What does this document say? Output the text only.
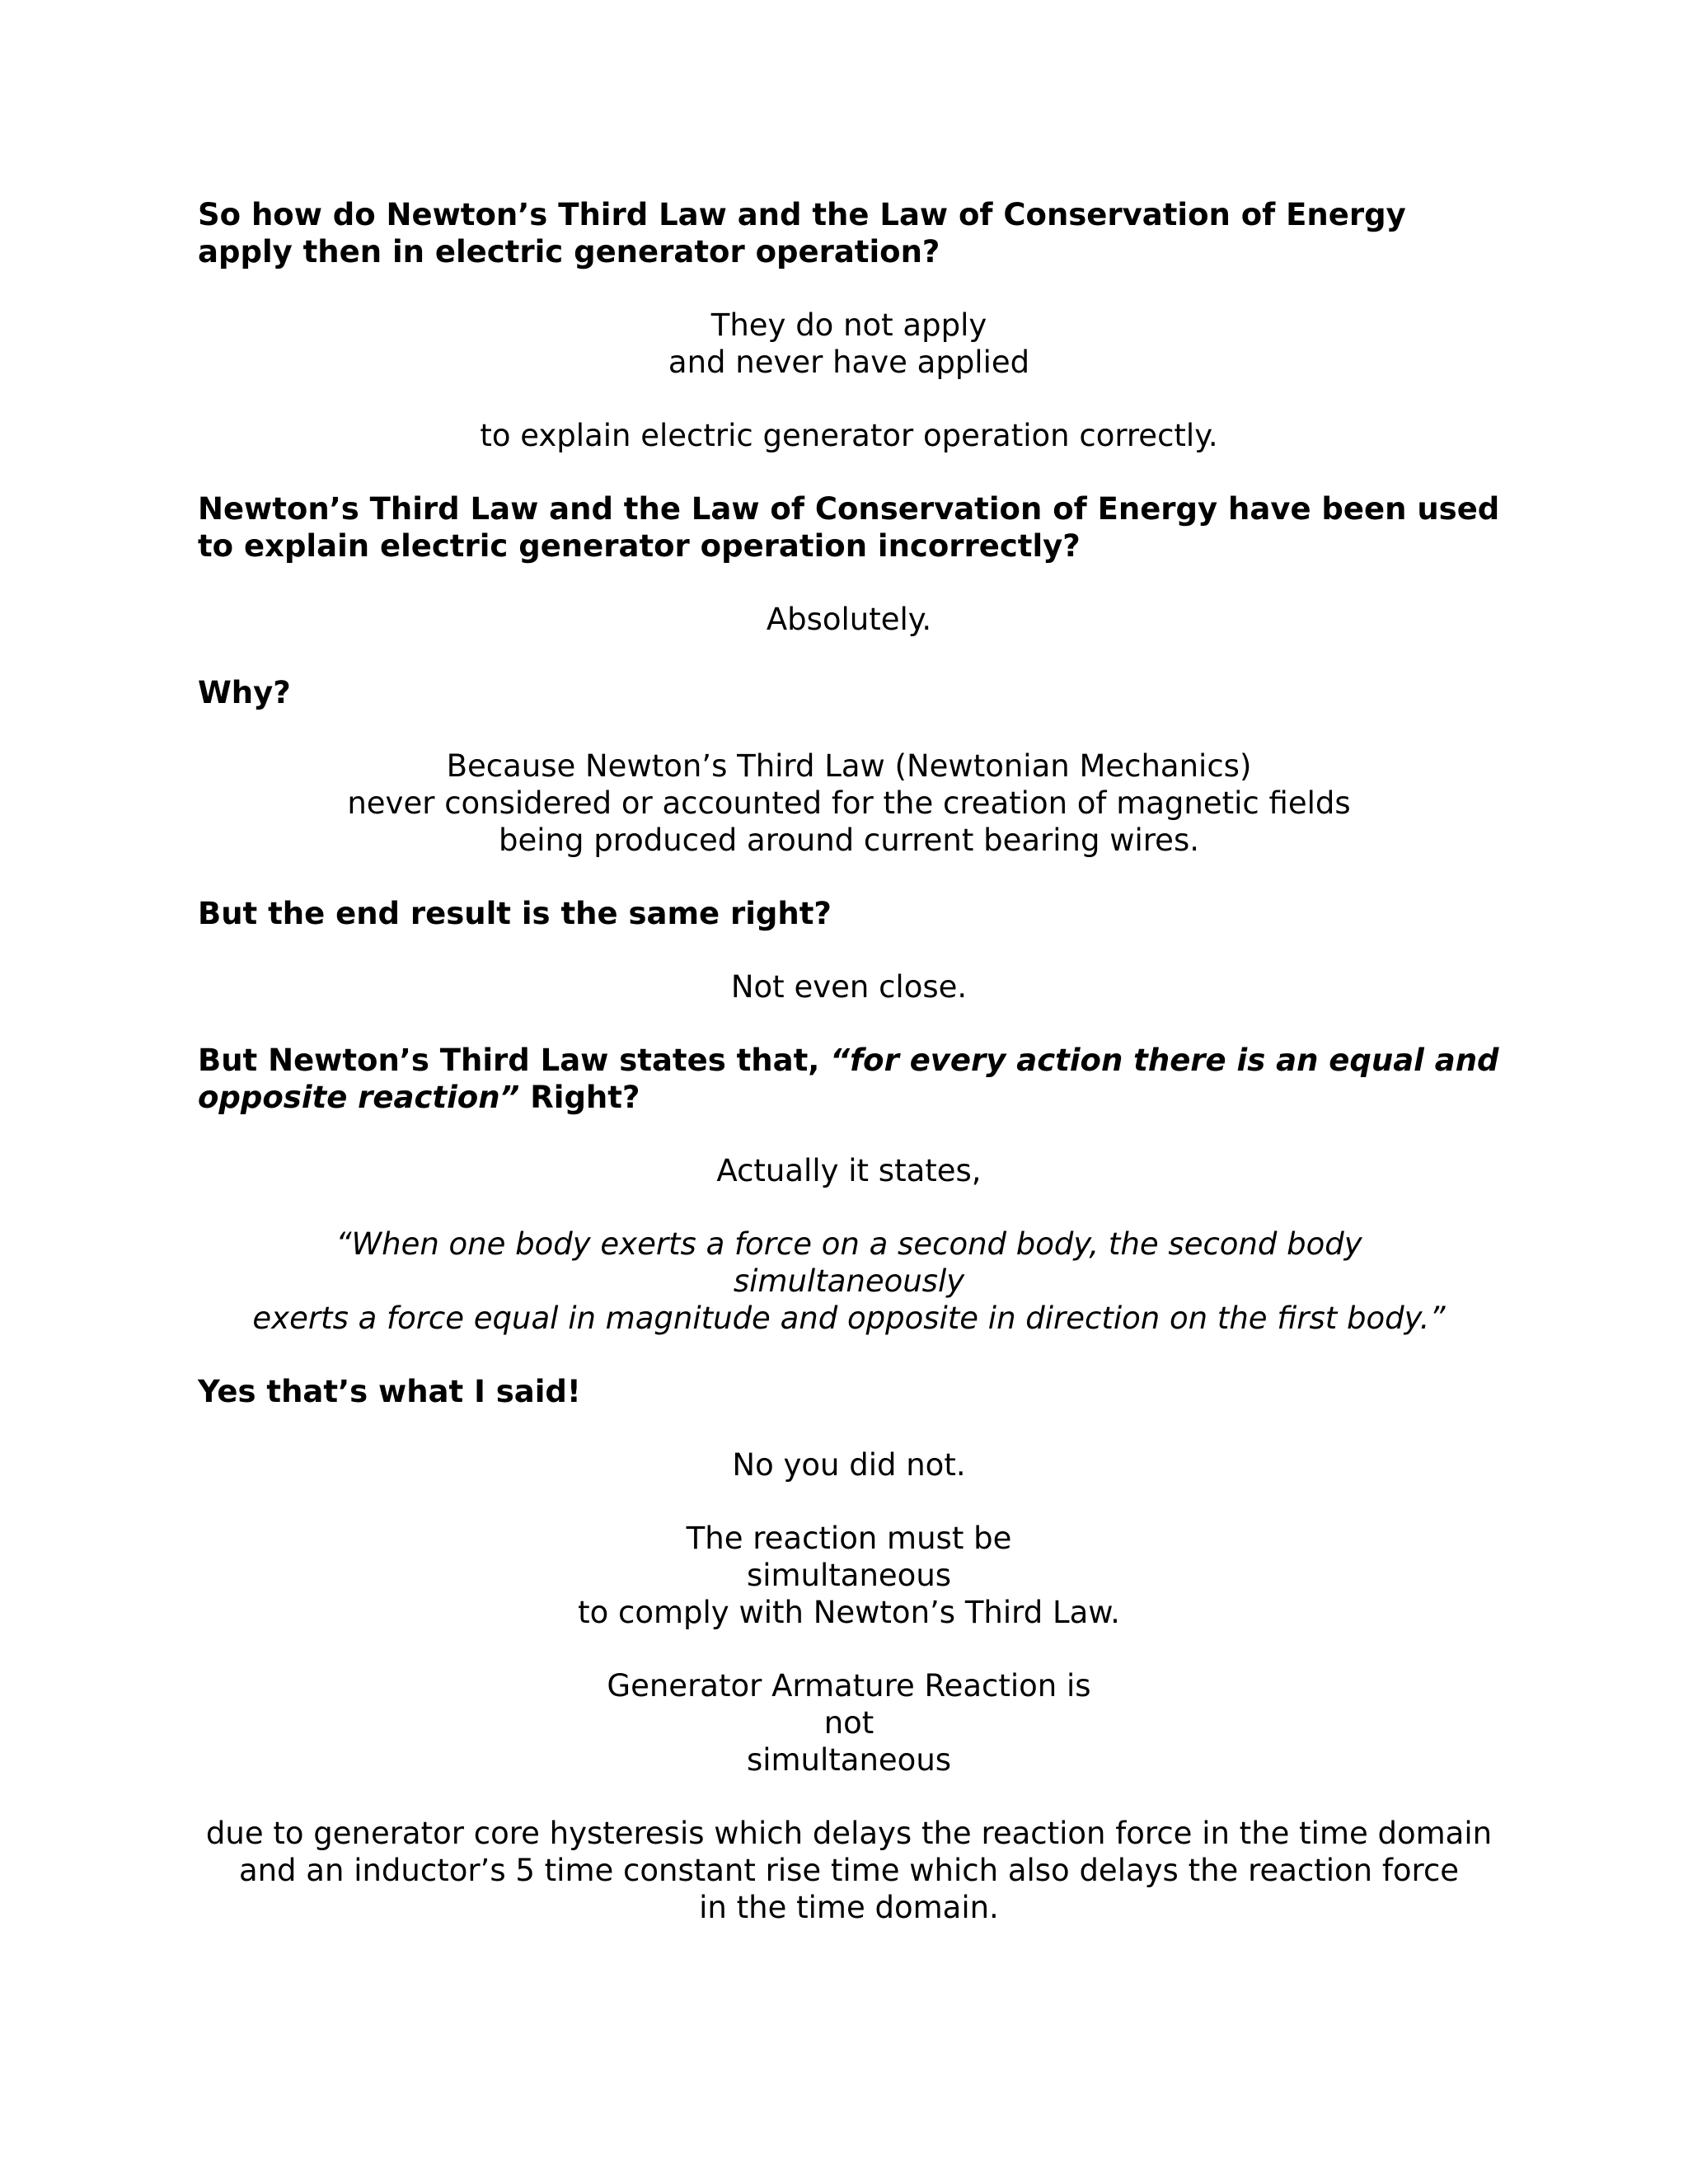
So how do Newton’s Third Law and the Law of Conservation of Energy
apply then in electric generator operation?

They do not apply
and never have applied

to explain electric generator operation correctly.

Newton’s Third Law and the Law of Conservation of Energy have been used
to explain electric generator operation incorrectly?

Absolutely.

Why?

Because Newton’s Third Law (Newtonian Mechanics)
never considered or accounted for the creation of magnetic fields
being produced around current bearing wires.

But the end result is the same right?

Not even close.

But Newton’s Third Law states that, “for every action there is an equal and
opposite reaction” Right?

Actually it states,

“When one body exerts a force on a second body, the second body
simultaneously
exerts a force equal in magnitude and opposite in direction on the first body.”

Yes that’s what I said!

No you did not.

The reaction must be
simultaneous
to comply with Newton’s Third Law.

Generator Armature Reaction is
not
simultaneous

due to generator core hysteresis which delays the reaction force in the time domain
and an inductor’s 5 time constant rise time which also delays the reaction force
in the time domain.
